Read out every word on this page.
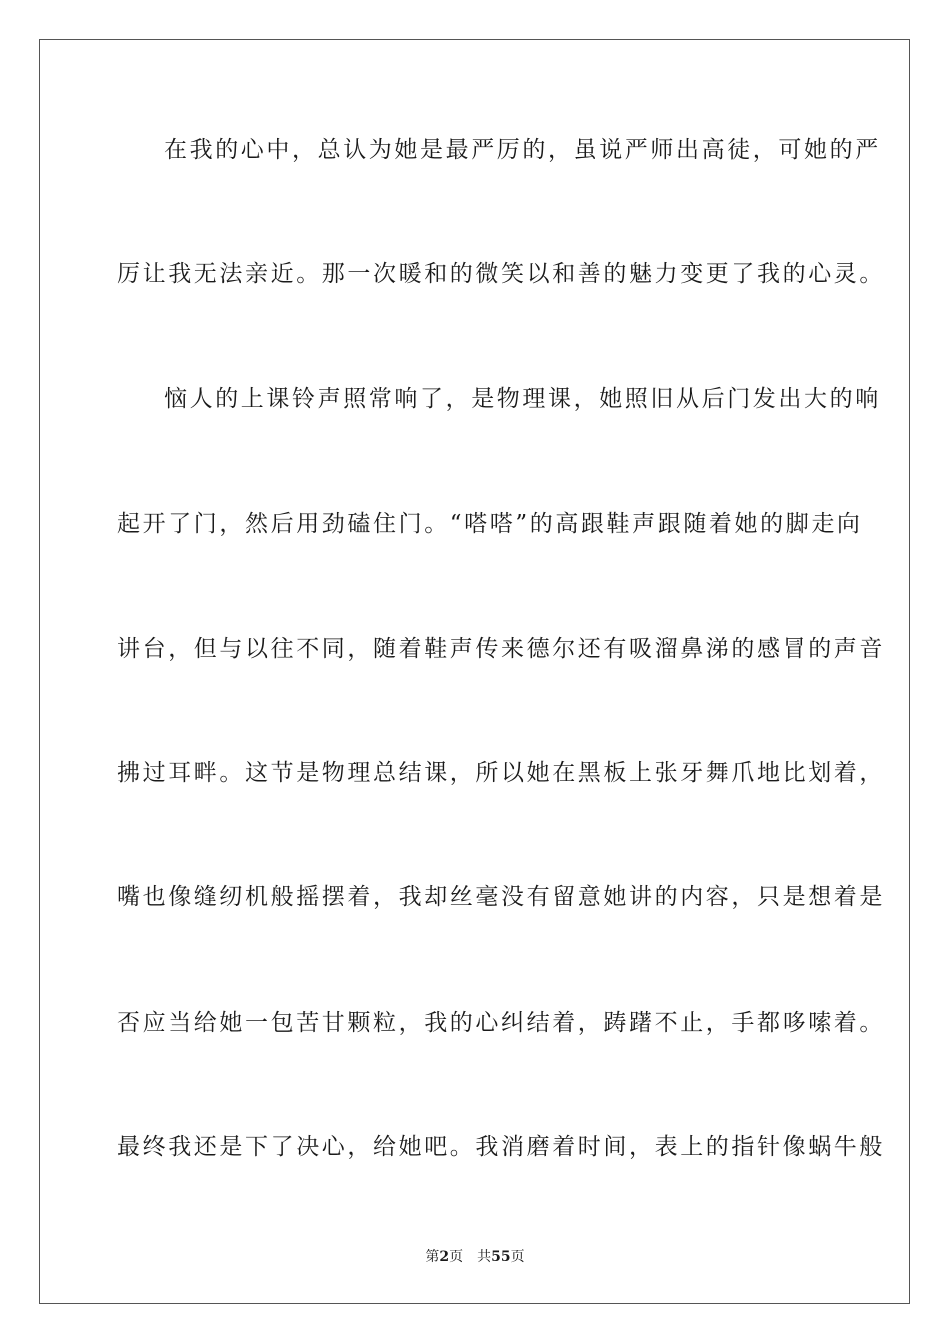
在我的心中，总认为她是最严厉的，虽说严师出高徒，可她的严
厉让我无法亲近。那一次暖和的微笑以和善的魅力变更了我的心灵。
恼人的上课铃声照常响了，是物理课，她照旧从后门发出大的响
起开了门，然后用劲磕住门。“嗒嗒”的高跟鞋声跟随着她的脚走向
讲台，但与以往不同，随着鞋声传来德尔还有吸溜鼻涕的感冒的声音
拂过耳畔。这节是物理总结课，所以她在黑板上张牙舞爪地比划着，
嘴也像缝纫机般摇摆着，我却丝毫没有留意她讲的内容，只是想着是
否应当给她一包苦甘颗粒，我的心纠结着，踌躇不止，手都哆嗦着。
最终我还是下了决心，给她吧。我消磨着时间，表上的指针像蜗牛般
第2页 共55页
